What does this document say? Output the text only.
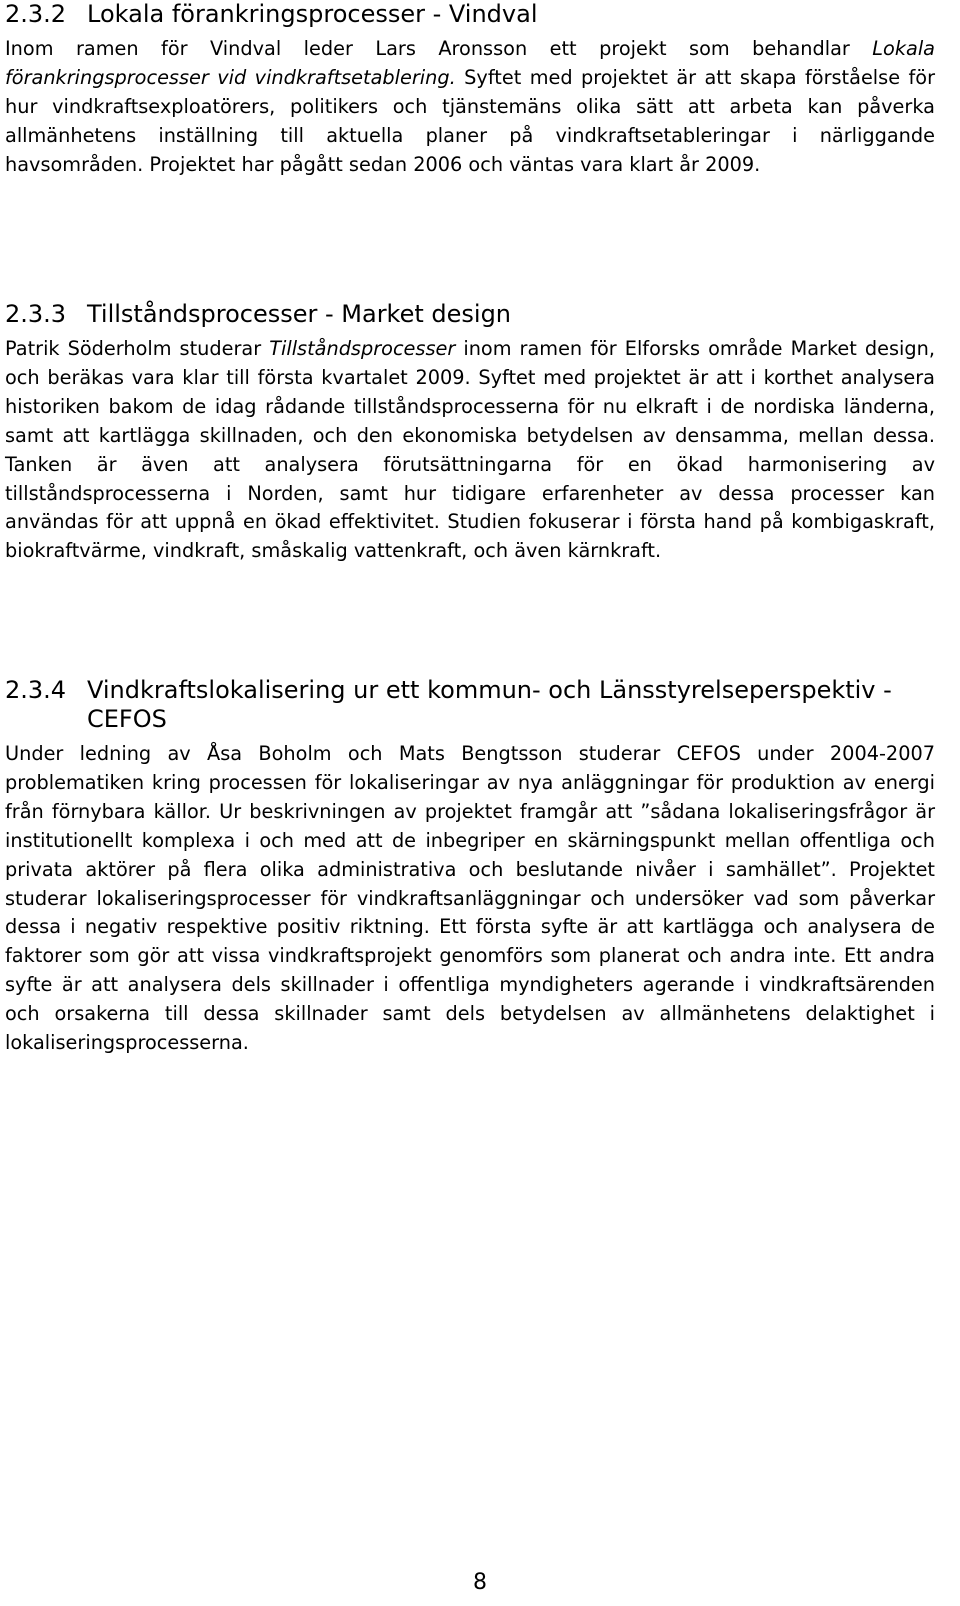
2.3.2 Lokala förankringsprocesser - Vindval

Inom ramen för Vindval leder Lars Aronsson ett projekt som behandlar Lokala förankringsprocesser vid vindkraftsetablering. Syftet med projektet är att skapa förståelse för hur vindkraftsexploatörers, politikers och tjänstemäns olika sätt att arbeta kan påverka allmänhetens inställning till aktuella planer på vindkraftsetableringar i närliggande havsområden. Projektet har pågått sedan 2006 och väntas vara klart år 2009.

2.3.3 Tillståndsprocesser - Market design

Patrik Söderholm studerar Tillståndsprocesser inom ramen för Elforsks område Market design, och beräkas vara klar till första kvartalet 2009. Syftet med projektet är att i korthet analysera historiken bakom de idag rådande tillståndsprocesserna för nu elkraft i de nordiska länderna, samt att kartlägga skillnaden, och den ekonomiska betydelsen av densamma, mellan dessa. Tanken är även att analysera förutsättningarna för en ökad harmonisering av tillståndsprocesserna i Norden, samt hur tidigare erfarenheter av dessa processer kan användas för att uppnå en ökad effektivitet. Studien fokuserar i första hand på kombigaskraft, biokraftvärme, vindkraft, småskalig vattenkraft, och även kärnkraft.

2.3.4 Vindkraftslokalisering ur ett kommun- och Länsstyrelseperspektiv - CEFOS

Under ledning av Åsa Boholm och Mats Bengtsson studerar CEFOS under 2004-2007 problematiken kring processen för lokaliseringar av nya anläggningar för produktion av energi från förnybara källor. Ur beskrivningen av projektet framgår att ”sådana lokaliseringsfrågor är institutionellt komplexa i och med att de inbegriper en skärningspunkt mellan offentliga och privata aktörer på flera olika administrativa och beslutande nivåer i samhället”. Projektet studerar lokaliseringsprocesser för vindkraftsanläggningar och undersöker vad som påverkar dessa i negativ respektive positiv riktning. Ett första syfte är att kartlägga och analysera de faktorer som gör att vissa vindkraftsprojekt genomförs som planerat och andra inte. Ett andra syfte är att analysera dels skillnader i offentliga myndigheters agerande i vindkraftsärenden och orsakerna till dessa skillnader samt dels betydelsen av allmänhetens delaktighet i lokaliseringsprocesserna.

8
